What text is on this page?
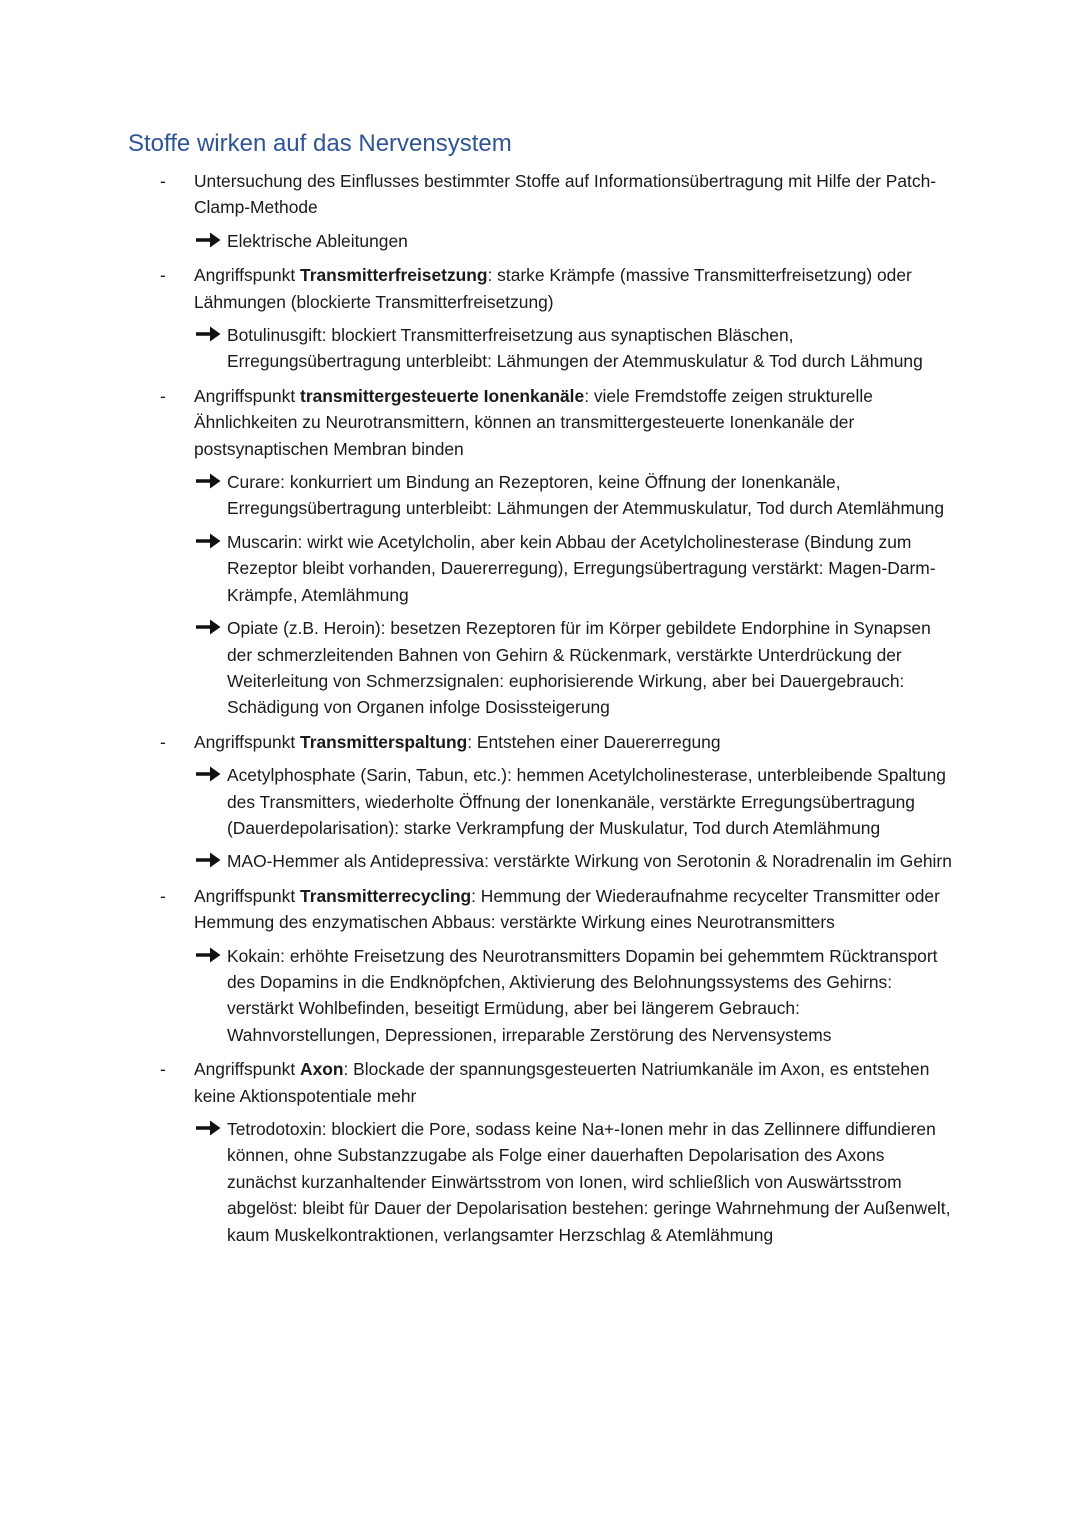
Stoffe wirken auf das Nervensystem
-	Untersuchung des Einflusses bestimmter Stoffe auf Informationsübertragung mit Hilfe der Patch-Clamp-Methode
Elektrische Ableitungen
-	Angriffspunkt Transmitterfreisetzung: starke Krämpfe (massive Transmitterfreisetzung) oder Lähmungen (blockierte Transmitterfreisetzung)
Botulinusgift: blockiert Transmitterfreisetzung aus synaptischen Bläschen, Erregungsübertragung unterbleibt: Lähmungen der Atemmuskulatur & Tod durch Lähmung
-	Angriffspunkt transmittergesteuerte Ionenkanäle: viele Fremdstoffe zeigen strukturelle Ähnlichkeiten zu Neurotransmittern, können an transmittergesteuerte Ionenkanäle der postsynaptischen Membran binden
Curare: konkurriert um Bindung an Rezeptoren, keine Öffnung der Ionenkanäle, Erregungsübertragung unterbleibt: Lähmungen der Atemmuskulatur, Tod durch Atemlähmung
Muscarin: wirkt wie Acetylcholin, aber kein Abbau der Acetylcholinesterase (Bindung zum Rezeptor bleibt vorhanden, Dauererregung), Erregungsübertragung verstärkt: Magen-Darm-Krämpfe, Atemlähmung
Opiate (z.B. Heroin): besetzen Rezeptoren für im Körper gebildete Endorphine in Synapsen der schmerzleitenden Bahnen von Gehirn & Rückenmark, verstärkte Unterdrückung der Weiterleitung von Schmerzsignalen: euphorisierende Wirkung, aber bei Dauergebrauch: Schädigung von Organen infolge Dosissteigerung
-	Angriffspunkt Transmitterspaltung: Entstehen einer Dauererregung
Acetylphosphate (Sarin, Tabun, etc.): hemmen Acetylcholinesterase, unterbleibende Spaltung des Transmitters, wiederholte Öffnung der Ionenkanäle, verstärkte Erregungsübertragung (Dauerdepolarisation): starke Verkrampfung der Muskulatur, Tod durch Atemlähmung
MAO-Hemmer als Antidepressiva: verstärkte Wirkung von Serotonin & Noradrenalin im Gehirn
-	Angriffspunkt Transmitterrecycling: Hemmung der Wiederaufnahme recycelter Transmitter oder Hemmung des enzymatischen Abbaus: verstärkte Wirkung eines Neurotransmitters
Kokain: erhöhte Freisetzung des Neurotransmitters Dopamin bei gehemmtem Rücktransport des Dopamins in die Endknöpfchen, Aktivierung des Belohnungssystems des Gehirns: verstärkt Wohlbefinden, beseitigt Ermüdung, aber bei längerem Gebrauch: Wahnvorstellungen, Depressionen, irreparable Zerstörung des Nervensystems
-	Angriffspunkt Axon: Blockade der spannungsgesteuerten Natriumkanäle im Axon, es entstehen keine Aktionspotentiale mehr
Tetrodotoxin: blockiert die Pore, sodass keine Na+-Ionen mehr in das Zellinnere diffundieren können, ohne Substanzzugabe als Folge einer dauerhaften Depolarisation des Axons zunächst kurzanhaltender Einwärtsstrom von Ionen, wird schließlich von Auswärtsstrom abgelöst: bleibt für Dauer der Depolarisation bestehen: geringe Wahrnehmung der Außenwelt, kaum Muskelkontraktionen, verlangsamter Herzschlag & Atemlähmung
